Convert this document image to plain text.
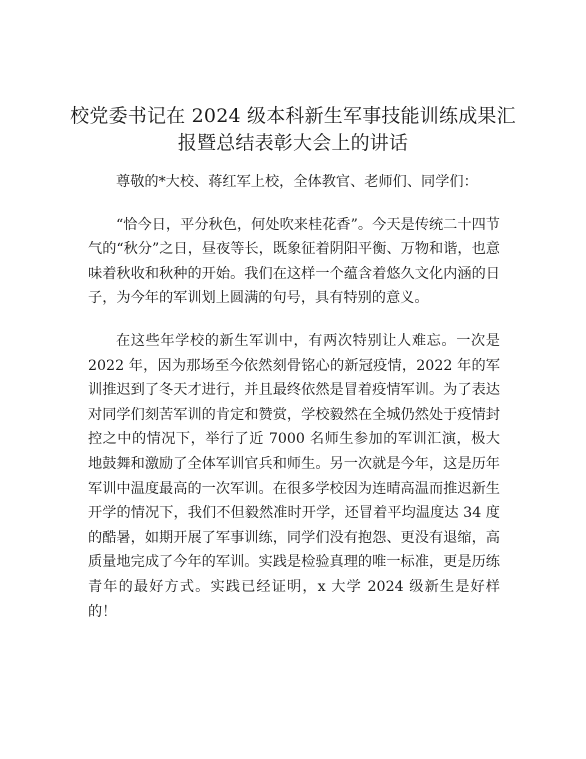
校党委书记在 2024 级本科新生军事技能训练成果汇报暨总结表彰大会上的讲话

尊敬的*大校、蒋红军上校，全体教官、老师们、同学们：

“恰今日，平分秋色，何处吹来桂花香”。今天是传统二十四节气的“秋分”之日，昼夜等长，既象征着阴阳平衡、万物和谐，也意味着秋收和秋种的开始。我们在这样一个蕴含着悠久文化内涵的日子，为今年的军训划上圆满的句号，具有特别的意义。

在这些年学校的新生军训中，有两次特别让人难忘。一次是 2022 年，因为那场至今依然刻骨铭心的新冠疫情，2022 年的军训推迟到了冬天才进行，并且最终依然是冒着疫情军训。为了表达对同学们刻苦军训的肯定和赞赏，学校毅然在全城仍然处于疫情封控之中的情况下，举行了近 7000 名师生参加的军训汇演，极大地鼓舞和激励了全体军训官兵和师生。另一次就是今年，这是历年军训中温度最高的一次军训。在很多学校因为连晴高温而推迟新生开学的情况下，我们不但毅然准时开学，还冒着平均温度达 34 度的酷暑，如期开展了军事训练，同学们没有抱怨、更没有退缩，高质量地完成了今年的军训。实践是检验真理的唯一标准，更是历练青年的最好方式。实践已经证明，x 大学 2024 级新生是好样的！
